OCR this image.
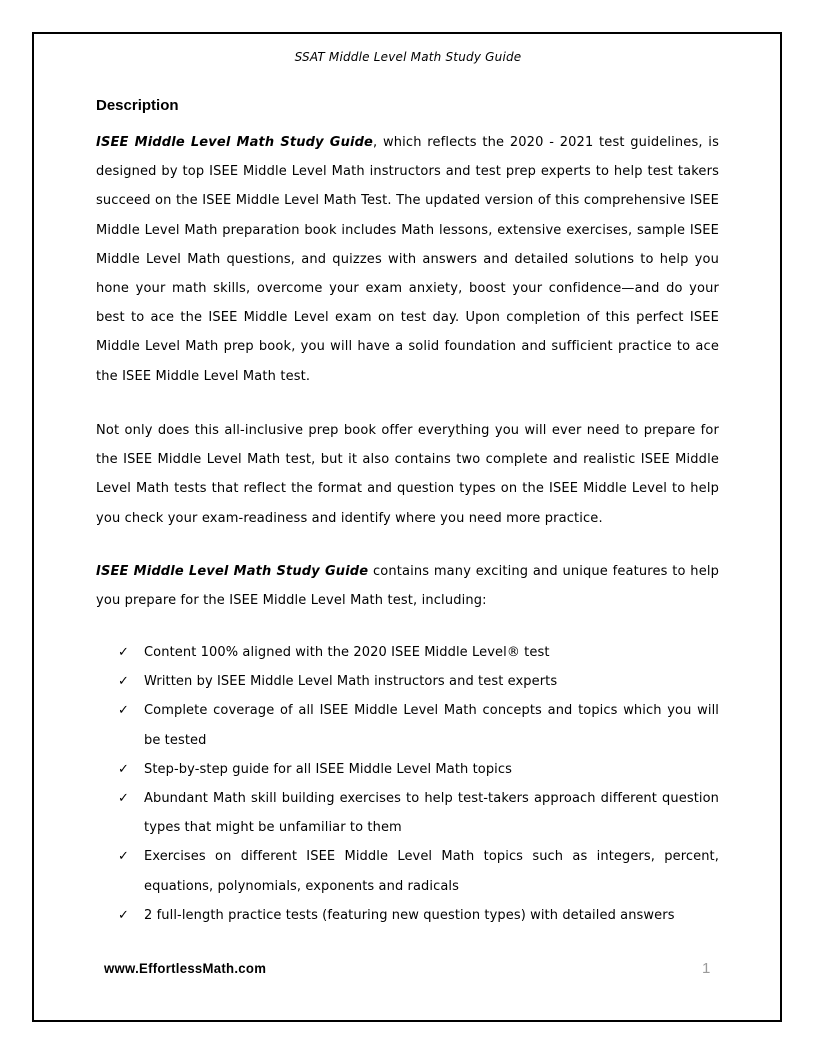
SSAT Middle Level Math Study Guide
Description

ISEE Middle Level Math Study Guide, which reflects the 2020 - 2021 test guidelines, is designed by top ISEE Middle Level Math instructors and test prep experts to help test takers succeed on the ISEE Middle Level Math Test. The updated version of this comprehensive ISEE Middle Level Math preparation book includes Math lessons, extensive exercises, sample ISEE Middle Level Math questions, and quizzes with answers and detailed solutions to help you hone your math skills, overcome your exam anxiety, boost your confidence—and do your best to ace the ISEE Middle Level exam on test day. Upon completion of this perfect ISEE Middle Level Math prep book, you will have a solid foundation and sufficient practice to ace the ISEE Middle Level Math test.

Not only does this all-inclusive prep book offer everything you will ever need to prepare for the ISEE Middle Level Math test, but it also contains two complete and realistic ISEE Middle Level Math tests that reflect the format and question types on the ISEE Middle Level to help you check your exam-readiness and identify where you need more practice.

ISEE Middle Level Math Study Guide contains many exciting and unique features to help you prepare for the ISEE Middle Level Math test, including:

✓ Content 100% aligned with the 2020 ISEE Middle Level® test
✓ Written by ISEE Middle Level Math instructors and test experts
✓ Complete coverage of all ISEE Middle Level Math concepts and topics which you will be tested
✓ Step-by-step guide for all ISEE Middle Level Math topics
✓ Abundant Math skill building exercises to help test-takers approach different question types that might be unfamiliar to them
✓ Exercises on different ISEE Middle Level Math topics such as integers, percent, equations, polynomials, exponents and radicals
✓ 2 full-length practice tests (featuring new question types) with detailed answers
www.EffortlessMath.com	1
